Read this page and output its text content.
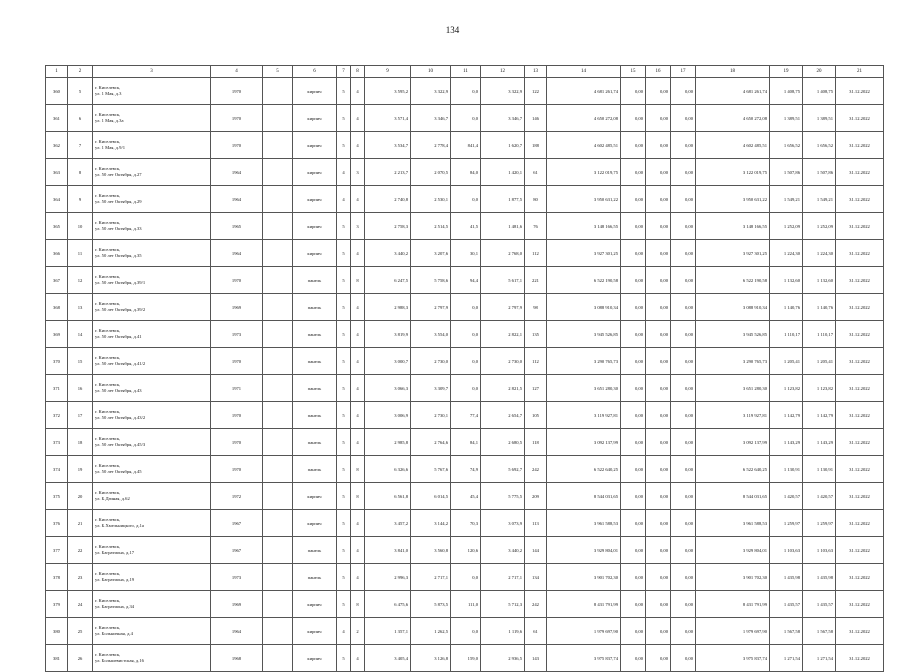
134
1	2	3	4	5	6	7	8	9	10	11	12	13	14	15	16	17	18	19	20	21
360	5	г. Киселевск,
ул. 1 Мая, д.3	1970		кирпич	5	4	3 595,2	3 322,9	0,0	3 322,9	122	4 681 261,74	0,00	0,00	0,00	4 681 261,74	1 408,75	1 408,75	31.12.2022
361	6	г. Киселевск,
ул. 1 Мая, д.3а	1970		кирпич	5	4	3 571,4	3 346,7	0,0	3 346,7	146	4 650 272,08	0,00	0,00	0,00	4 650 272,08	1 389,51	1 389,51	31.12.2022
362	7	г. Киселевск,
ул. 1 Мая, д.9/1	1970		кирпич	5	4	3 534,7	2 778,4	841,4	1 620,7	188	4 602 485,51	0,00	0,00	0,00	4 602 485,51	1 656,52	1 656,52	31.12.2022
363	8	г. Киселевск,
ул. 50 лет Октября, д.27	1964		кирпич	4	3	2 213,7	2 070,5	84,0	1 420,1	61	3 122 019,75	0,00	0,00	0,00	3 122 019,75	1 507,86	1 507,86	31.12.2022
364	9	г. Киселевск,
ул. 50 лет Октября, д.29	1964		кирпич	4	4	2 740,8	2 530,1	0,0	1 877,5	80	3 950 631,22	0,00	0,00	0,00	3 950 631,22	1 549,21	1 549,21	31.12.2022
365	10	г. Киселевск,
ул. 50 лет Октября, д.33	1965		кирпич	5	3	2 758,3	2 514,5	41,5	1 481,6	76	3 148 166,55	0,00	0,00	0,00	3 148 166,55	1 252,09	1 252,09	31.12.2022
366	11	г. Киселевск,
ул. 50 лет Октября, д.35	1964		кирпич	5	4	3 440,2	3 207,6	30,1	2 768,0	112	3 927 301,25	0,00	0,00	0,00	3 927 301,25	1 224,30	1 224,30	31.12.2022
367	12	г. Киселевск,
ул. 50 лет Октября, д.39/1	1970		панель	5	8	6 247,5	5 758,6	94,4	5 617,1	221	6 522 190,58	0,00	0,00	0,00	6 522 190,58	1 132,60	1 132,60	31.12.2022
368	13	г. Киселевск,
ул. 50 лет Октября, д.39/2	1969		панель	5	4	2 988,3	2 797,9	0,0	2 797,9	98	3 088 910,34	0,00	0,00	0,00	3 088 910,34	1 140,76	1 140,76	31.12.2022
369	14	г. Киселевск,
ул. 50 лет Октября, д.41	1973		панель	5	4	3 819,9	3 554,0	0,0	2 822,1	135	3 945 526,85	0,00	0,00	0,00	3 945 526,85	1 110,17	1 110,17	31.12.2022
370	15	г. Киселевск,
ул. 50 лет Октября, д.41/2	1970		панель	5	4	3 000,7	2 730,0	0,0	2 730,0	112	3 290 765,73	0,00	0,00	0,00	3 290 765,73	1 205,41	1 205,41	31.12.2022
371	16	г. Киселевск,
ул. 50 лет Октября, д.43	1971		панель	5	4	3 066,3	3 309,7	0,0	2 821,5	127	3 651 280,30	0,00	0,00	0,00	3 651 280,30	1 123,82	1 123,82	31.12.2022
372	17	г. Киселевск,
ул. 50 лет Октября, д.43/2	1970		панель	5	4	3 006,9	2 730,1	77,4	2 654,7	105	3 119 927,81	0,00	0,00	0,00	3 119 927,81	1 142,79	1 142,79	31.12.2022
373	18	г. Киселевск,
ул. 50 лет Октября, д.45/3	1970		панель	5	4	2 985,8	2 764,6	84,1	2 680,5	118	3 092 137,99	0,00	0,00	0,00	3 092 137,99	1 143,29	1 143,29	31.12.2022
374	19	г. Киселевск,
ул. 50 лет Октября, д.45	1970		панель	5	8	6 326,6	5 767,6	74,9	5 692,7	242	6 522 640,25	0,00	0,00	0,00	6 522 640,25	1 130,91	1 130,91	31.12.2022
375	20	г. Киселевск,
ул. Б.Дачная, д.62	1972		кирпич	5	8	6 561,8	6 014,5	45,4	5 775,5	209	8 544 031,65	0,00	0,00	0,00	8 544 031,65	1 420,57	1 420,57	31.12.2022
376	21	г. Киселевск,
ул. Б.Хмельницкого, д.1а	1967		кирпич	5	4	3 457,2	3 144,2	70,3	3 073,9	113	3 961 588,53	0,00	0,00	0,00	3 961 588,53	1 259,97	1 259,97	31.12.2022
377	22	г. Киселевск,
ул. Багратиона, д.17	1967		панель	5	4	3 841,0	3 560,8	120,6	3 440,2	144	3 929 804,01	0,00	0,00	0,00	3 929 804,01	1 103,63	1 103,63	31.12.2022
378	23	г. Киселевск,
ул. Багратиона, д.19	1973		панель	5	4	2 996,3	2 717,1	0,0	2 717,1	134	3 901 702,30	0,00	0,00	0,00	3 901 702,30	1 435,98	1 435,98	31.12.2022
379	24	г. Киселевск,
ул. Багратиона, д.34	1969		кирпич	5	8	6 475,6	5 873,5	111,0	5 712,3	242	8 431 791,99	0,00	0,00	0,00	8 431 791,99	1 435,57	1 435,57	31.12.2022
380	25	г. Киселевск,
ул. Больничная, д.4	1964		кирпич	4	2	1 357,1	1 262,5	0,0	1 119,6	61	1 979 697,90	0,00	0,00	0,00	1 979 697,90	1 567,58	1 567,58	31.12.2022
381	26	г. Киселевск,
ул. Большевистская, д.16	1968		кирпич	5	4	3 405,4	3 126,8	159,0	2 936,5	143	3 975 837,74	0,00	0,00	0,00	3 975 837,74	1 271,54	1 271,54	31.12.2022
